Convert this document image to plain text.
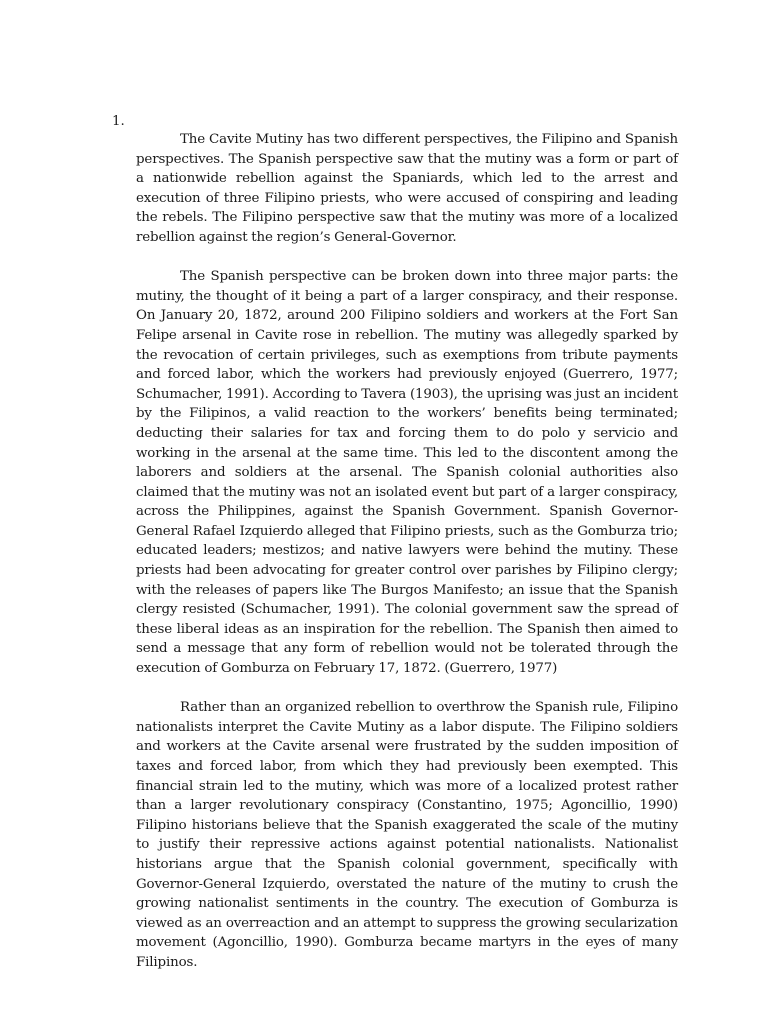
1.

The Cavite Mutiny has two different perspectives, the Filipino and Spanish perspectives. The Spanish perspective saw that the mutiny was a form or part of a nationwide rebellion against the Spaniards, which led to the arrest and execution of three Filipino priests, who were accused of conspiring and leading the rebels. The Filipino perspective saw that the mutiny was more of a localized rebellion against the region’s General-Governor.

The Spanish perspective can be broken down into three major parts: the mutiny, the thought of it being a part of a larger conspiracy, and their response. On January 20, 1872, around 200 Filipino soldiers and workers at the Fort San Felipe arsenal in Cavite rose in rebellion. The mutiny was allegedly sparked by the revocation of certain privileges, such as exemptions from tribute payments and forced labor, which the workers had previously enjoyed (Guerrero, 1977; Schumacher, 1991). According to Tavera (1903), the uprising was just an incident by the Filipinos, a valid reaction to the workers’ benefits being terminated; deducting their salaries for tax and forcing them to do polo y servicio and working in the arsenal at the same time. This led to the discontent among the laborers and soldiers at the arsenal. The Spanish colonial authorities also claimed that the mutiny was not an isolated event but part of a larger conspiracy, across the Philippines, against the Spanish Government. Spanish Governor-General Rafael Izquierdo alleged that Filipino priests, such as the Gomburza trio; educated leaders; mestizos; and native lawyers were behind the mutiny. These priests had been advocating for greater control over parishes by Filipino clergy; with the releases of papers like The Burgos Manifesto; an issue that the Spanish clergy resisted (Schumacher, 1991). The colonial government saw the spread of these liberal ideas as an inspiration for the rebellion. The Spanish then aimed to send a message that any form of rebellion would not be tolerated through the execution of Gomburza on February 17, 1872. (Guerrero, 1977)

Rather than an organized rebellion to overthrow the Spanish rule, Filipino nationalists interpret the Cavite Mutiny as a labor dispute. The Filipino soldiers and workers at the Cavite arsenal were frustrated by the sudden imposition of taxes and forced labor, from which they had previously been exempted. This financial strain led to the mutiny, which was more of a localized protest rather than a larger revolutionary conspiracy (Constantino, 1975; Agoncillio, 1990) Filipino historians believe that the Spanish exaggerated the scale of the mutiny to justify their repressive actions against potential nationalists. Nationalist historians argue that the Spanish colonial government, specifically with Governor-General Izquierdo, overstated the nature of the mutiny to crush the growing nationalist sentiments in the country. The execution of Gomburza is viewed as an overreaction and an attempt to suppress the growing secularization movement (Agoncillio, 1990). Gomburza became martyrs in the eyes of many Filipinos.
